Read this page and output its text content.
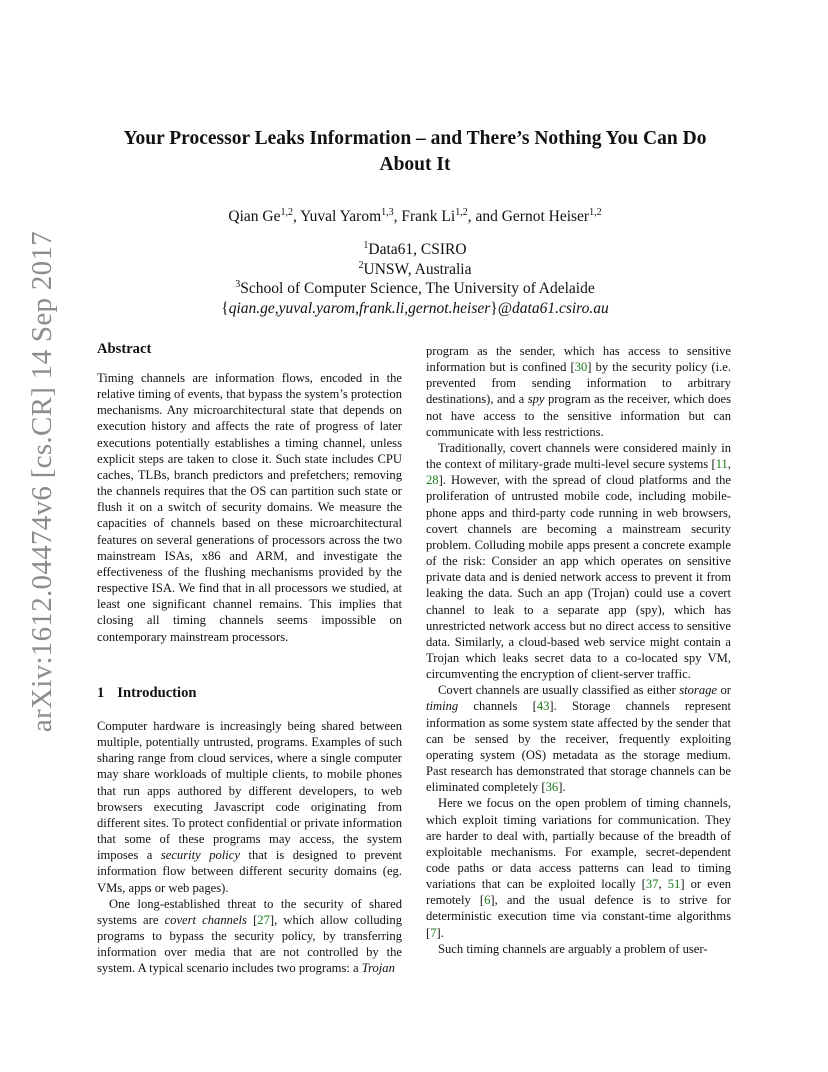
arXiv:1612.04474v6 [cs.CR] 14 Sep 2017
Your Processor Leaks Information – and There’s Nothing You Can Do
About It
Qian Ge$^{1,2}$, Yuval Yarom$^{1,3}$, Frank Li$^{1,2}$, and Gernot Heiser$^{1,2}$
$^1$Data61, CSIRO
$^2$UNSW, Australia
$^3$School of Computer Science, The University of Adelaide
{qian.ge,yuval.yarom,frank.li,gernot.heiser}@data61.csiro.au
Abstract

Timing channels are information flows, encoded in the relative timing of events, that bypass the system’s protection mechanisms. Any microarchitectural state that depends on execution history and affects the rate of progress of later executions potentially establishes a timing channel, unless explicit steps are taken to close it. Such state includes CPU caches, TLBs, branch predictors and prefetchers; removing the channels requires that the OS can partition such state or flush it on a switch of security domains. We measure the capacities of channels based on these microarchitectural features on several generations of processors across the two mainstream ISAs, x86 and ARM, and investigate the effectiveness of the flushing mechanisms provided by the respective ISA. We find that in all processors we studied, at least one significant channel remains. This implies that closing all timing channels seems impossible on contemporary mainstream processors.

1 Introduction

Computer hardware is increasingly being shared between multiple, potentially untrusted, programs. Examples of such sharing range from cloud services, where a single computer may share workloads of multiple clients, to mobile phones that run apps authored by different developers, to web browsers executing Javascript code originating from different sites. To protect confidential or private information that some of these programs may access, the system imposes a security policy that is designed to prevent information flow between different security domains (eg. VMs, apps or web pages).

One long-established threat to the security of shared systems are covert channels [27], which allow colluding programs to bypass the security policy, by transferring information over media that are not controlled by the system. A typical scenario includes two programs: a Trojan

program as the sender, which has access to sensitive information but is confined [30] by the security policy (i.e. prevented from sending information to arbitrary destinations), and a spy program as the receiver, which does not have access to the sensitive information but can communicate with less restrictions.

Traditionally, covert channels were considered mainly in the context of military-grade multi-level secure systems [11, 28]. However, with the spread of cloud platforms and the proliferation of untrusted mobile code, including mobile-phone apps and third-party code running in web browsers, covert channels are becoming a mainstream security problem. Colluding mobile apps present a concrete example of the risk: Consider an app which operates on sensitive private data and is denied network access to prevent it from leaking the data. Such an app (Trojan) could use a covert channel to leak to a separate app (spy), which has unrestricted network access but no direct access to sensitive data. Similarly, a cloud-based web service might contain a Trojan which leaks secret data to a co-located spy VM, circumventing the encryption of client-server traffic.

Covert channels are usually classified as either storage or timing channels [43]. Storage channels represent information as some system state affected by the sender that can be sensed by the receiver, frequently exploiting operating system (OS) metadata as the storage medium. Past research has demonstrated that storage channels can be eliminated completely [36].

Here we focus on the open problem of timing channels, which exploit timing variations for communication. They are harder to deal with, partially because of the breadth of exploitable mechanisms. For example, secret-dependent code paths or data access patterns can lead to timing variations that can be exploited locally [37, 51] or even remotely [6], and the usual defence is to strive for deterministic execution time via constant-time algorithms [7].

Such timing channels are arguably a problem of user-
